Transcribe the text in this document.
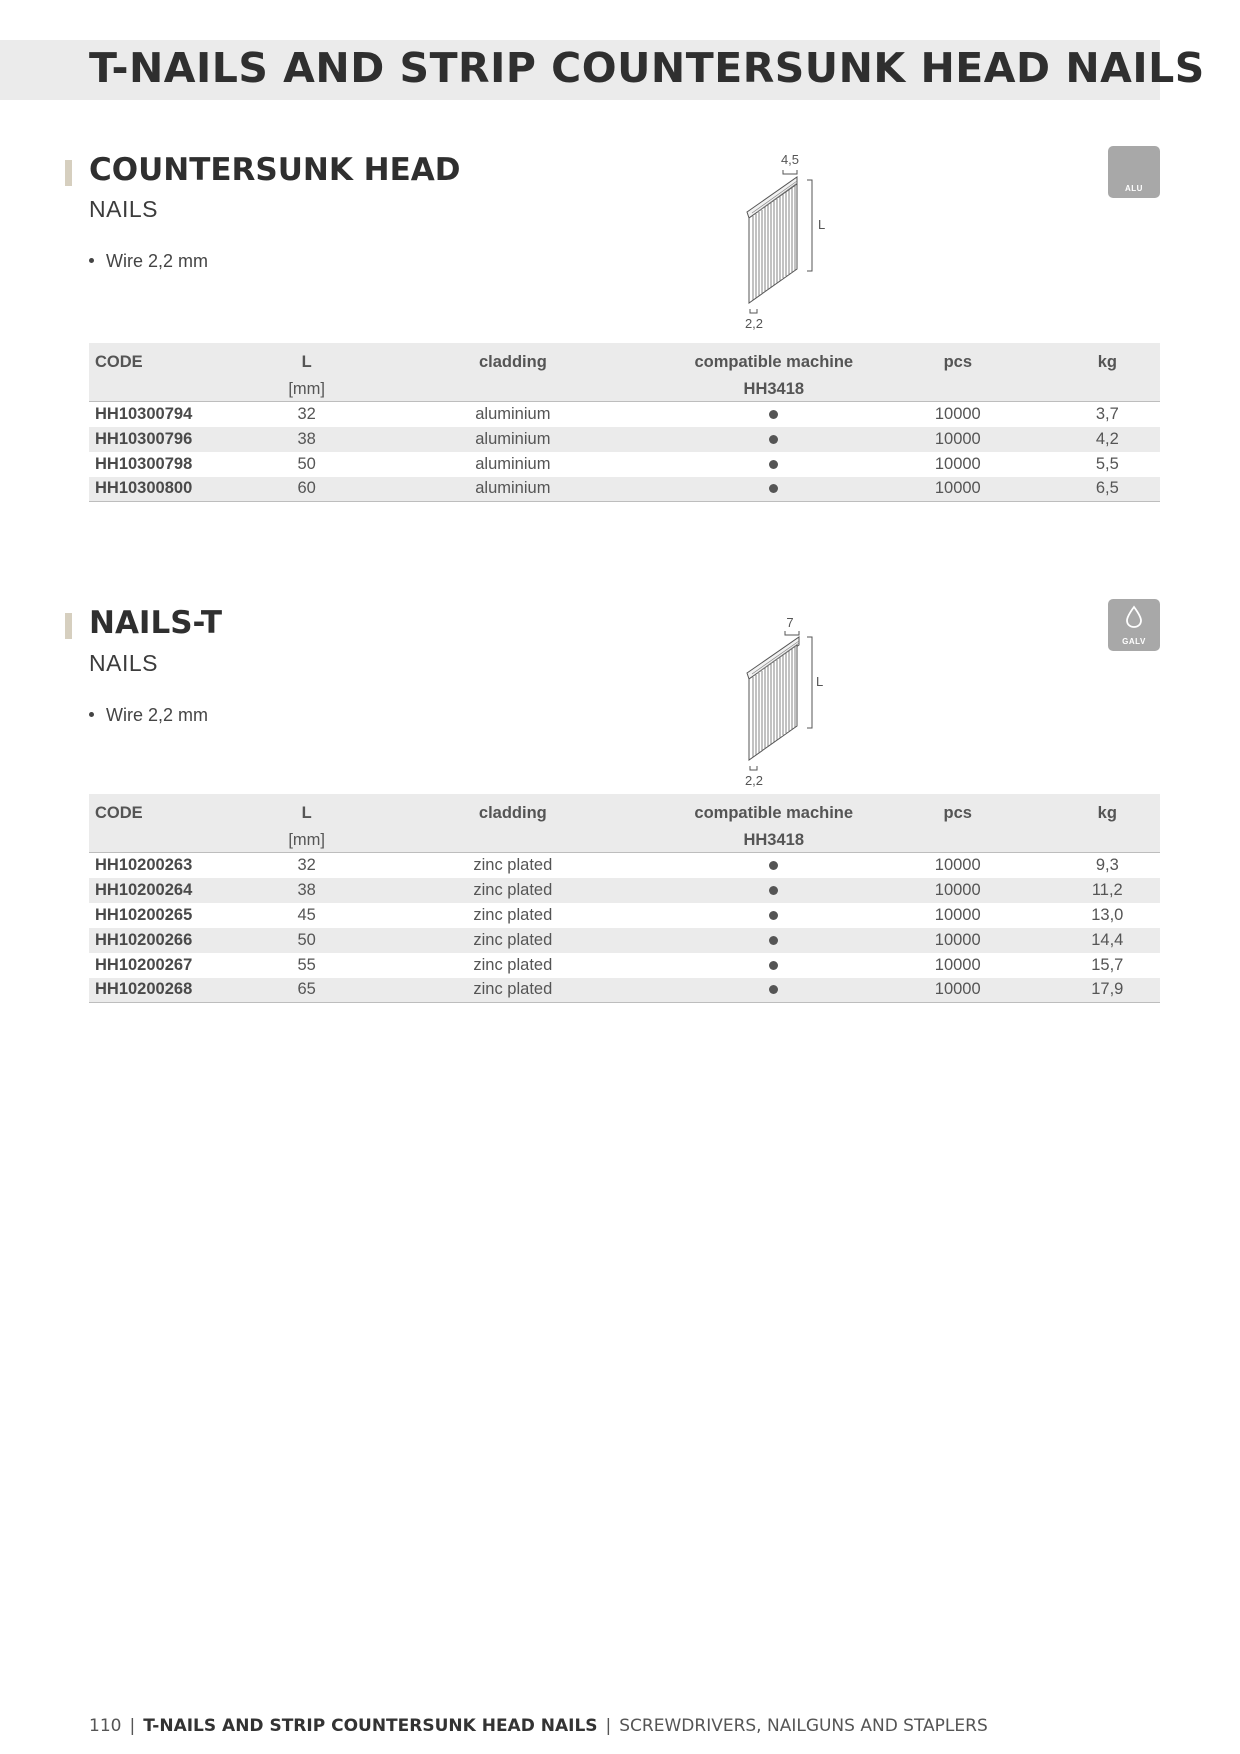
T-NAILS AND STRIP COUNTERSUNK HEAD NAILS
COUNTERSUNK HEAD

NAILS

Wire 2,2 mm
4,5
L
2,2
ALU
CODE	L	cladding	compatible machine	pcs	kg
	[mm]		HH3418		
HH10300794	32	aluminium		10000	3,7
HH10300796	38	aluminium		10000	4,2
HH10300798	50	aluminium		10000	5,5
HH10300800	60	aluminium		10000	6,5
NAILS-T

NAILS

Wire 2,2 mm
7
L
2,2
GALV
CODE	L	cladding	compatible machine	pcs	kg
	[mm]		HH3418		
HH10200263	32	zinc plated		10000	9,3
HH10200264	38	zinc plated		10000	11,2
HH10200265	45	zinc plated		10000	13,0
HH10200266	50	zinc plated		10000	14,4
HH10200267	55	zinc plated		10000	15,7
HH10200268	65	zinc plated		10000	17,9
110 | T-NAILS AND STRIP COUNTERSUNK HEAD NAILS | SCREWDRIVERS, NAILGUNS AND STAPLERS
